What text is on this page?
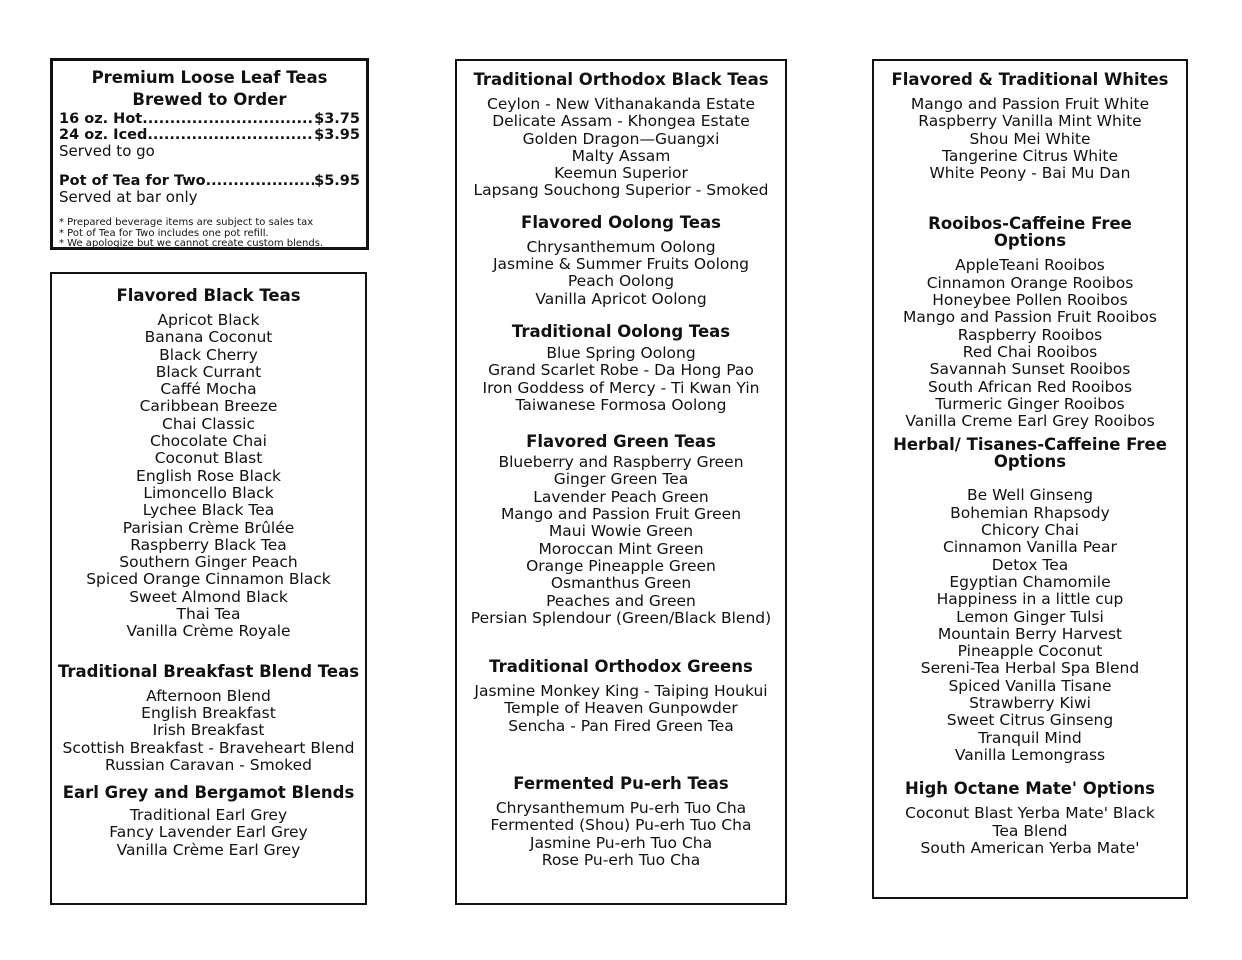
Premium Loose Leaf Teas
Brewed to Order
16 oz. Hot .....	$3.75
24 oz. Iced .....	$3.95
Served to go
Pot of Tea for Two .....	$5.95
Served at bar only
* Prepared beverage items are subject to sales tax
* Pot of Tea for Two includes one pot refill.
* We apologize but we cannot create custom blends.
Flavored Black Teas
Apricot Black
Banana Coconut
Black Cherry
Black Currant
Caffé Mocha
Caribbean Breeze
Chai Classic
Chocolate Chai
Coconut Blast
English Rose Black
Limoncello Black
Lychee Black Tea
Parisian Crème Brûlée
Raspberry Black Tea
Southern Ginger Peach
Spiced Orange Cinnamon Black
Sweet Almond Black
Thai Tea
Vanilla Crème Royale
Traditional Breakfast Blend Teas
Afternoon Blend
English Breakfast
Irish Breakfast
Scottish Breakfast - Braveheart Blend
Russian Caravan - Smoked
Earl Grey and Bergamot Blends
Traditional Earl Grey
Fancy Lavender Earl Grey
Vanilla Crème Earl Grey
Traditional Orthodox Black Teas
Ceylon - New Vithanakanda Estate
Delicate Assam - Khongea Estate
Golden Dragon—Guangxi
Malty Assam
Keemun Superior
Lapsang Souchong Superior - Smoked
Flavored Oolong Teas
Chrysanthemum Oolong
Jasmine & Summer Fruits Oolong
Peach Oolong
Vanilla Apricot Oolong
Traditional Oolong Teas
Blue Spring Oolong
Grand Scarlet Robe - Da Hong Pao
Iron Goddess of Mercy - Ti Kwan Yin
Taiwanese Formosa Oolong
Flavored Green Teas
Blueberry and Raspberry Green
Ginger Green Tea
Lavender Peach Green
Mango and Passion Fruit Green
Maui Wowie Green
Moroccan Mint Green
Orange Pineapple Green
Osmanthus Green
Peaches and Green
Persian Splendour (Green/Black Blend)
Traditional Orthodox Greens
Jasmine Monkey King - Taiping Houkui
Temple of Heaven Gunpowder
Sencha - Pan Fired Green Tea
Fermented Pu-erh Teas
Chrysanthemum Pu-erh Tuo Cha
Fermented (Shou) Pu-erh Tuo Cha
Jasmine Pu-erh Tuo Cha
Rose Pu-erh Tuo Cha
Flavored & Traditional Whites
Mango and Passion Fruit White
Raspberry Vanilla Mint White
Shou Mei White
Tangerine Citrus White
White Peony - Bai Mu Dan
Rooibos-Caffeine Free
Options
AppleTeani Rooibos
Cinnamon Orange Rooibos
Honeybee Pollen Rooibos
Mango and Passion Fruit Rooibos
Raspberry Rooibos
Red Chai Rooibos
Savannah Sunset Rooibos
South African Red Rooibos
Turmeric Ginger Rooibos
Vanilla Creme Earl Grey Rooibos
Herbal/ Tisanes-Caffeine Free
Options
Be Well Ginseng
Bohemian Rhapsody
Chicory Chai
Cinnamon Vanilla Pear
Detox Tea
Egyptian Chamomile
Happiness in a little cup
Lemon Ginger Tulsi
Mountain Berry Harvest
Pineapple Coconut
Sereni-Tea Herbal Spa Blend
Spiced Vanilla Tisane
Strawberry Kiwi
Sweet Citrus Ginseng
Tranquil Mind
Vanilla Lemongrass
High Octane Mate' Options
Coconut Blast Yerba Mate' Black
Tea Blend
South American Yerba Mate'
